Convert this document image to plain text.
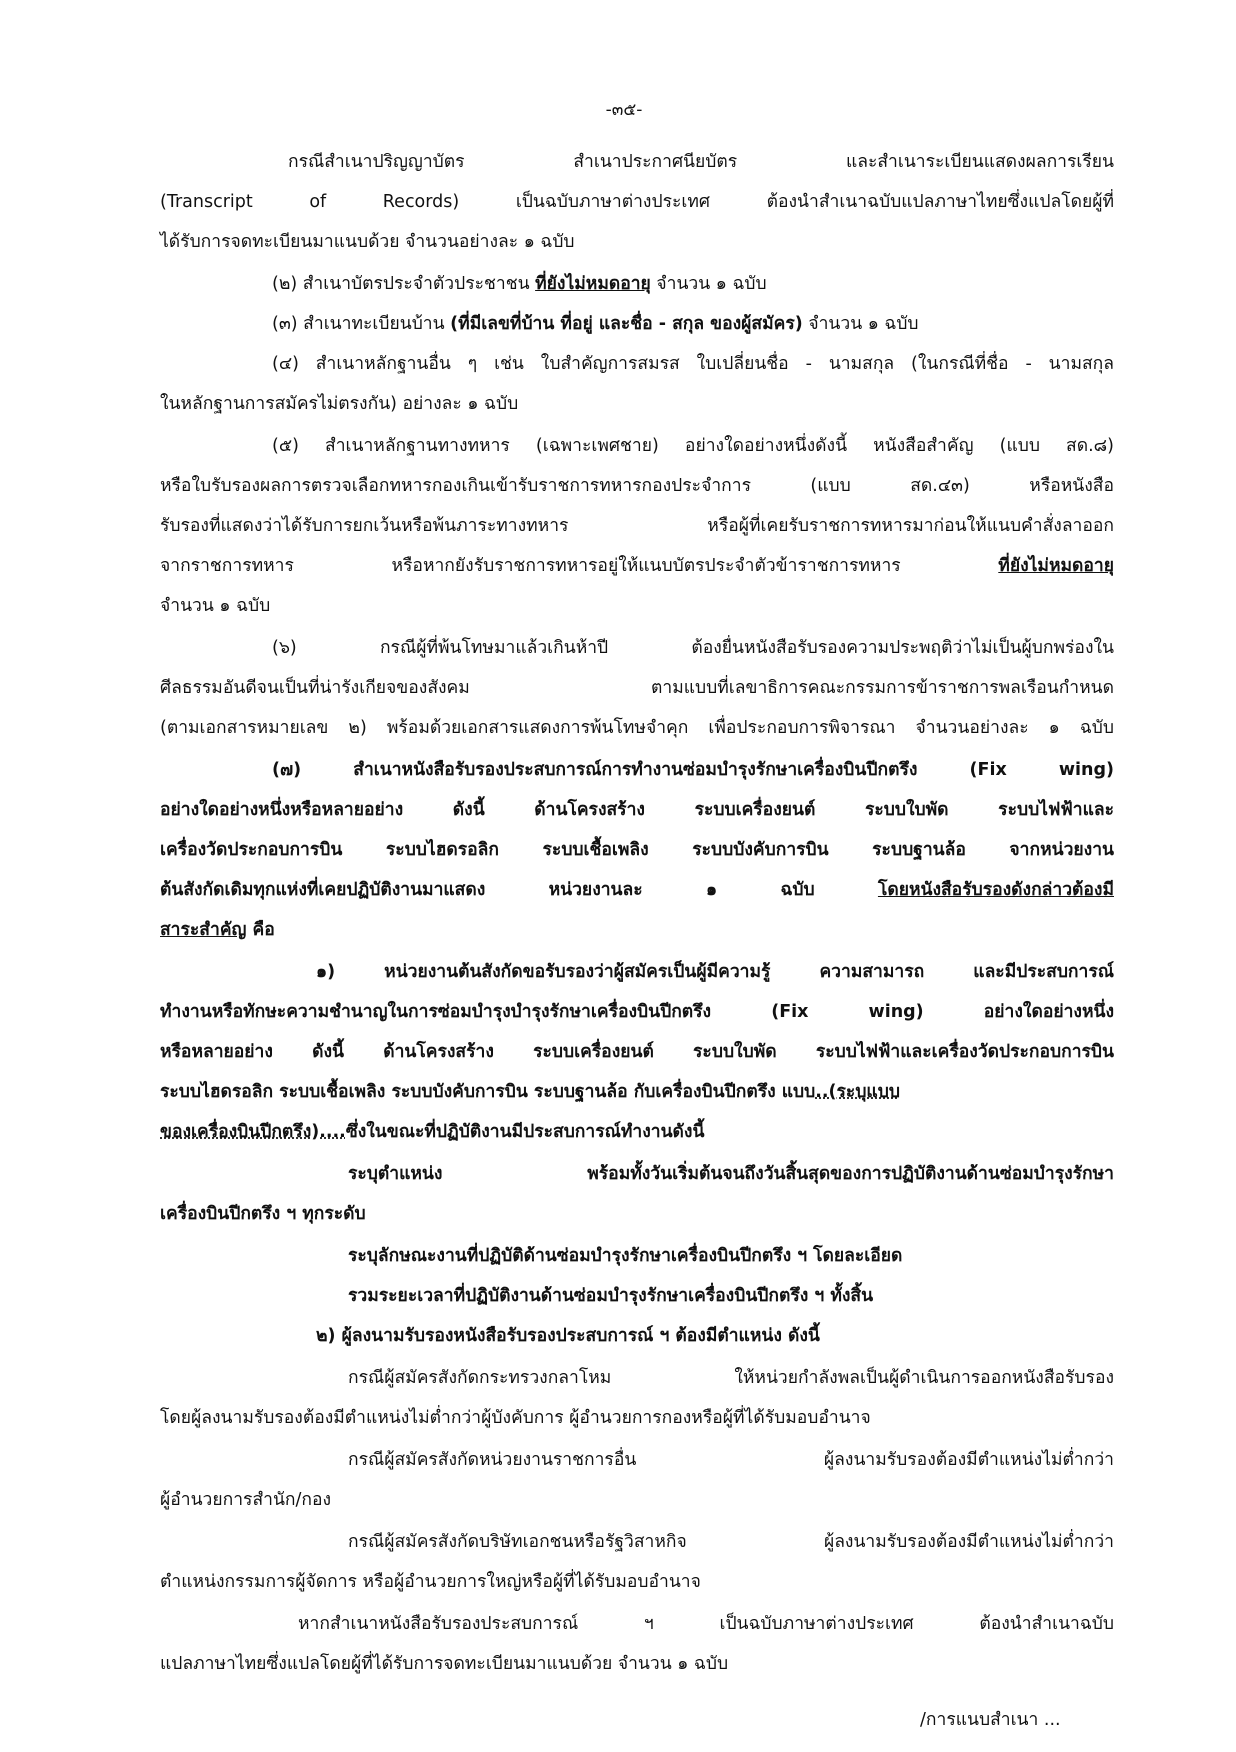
-๓๕-

กรณีสำเนาปริญญาบัตร สำเนาประกาศนียบัตร และสำเนาระเบียนแสดงผลการเรียน

(Transcript of Records) เป็นฉบับภาษาต่างประเทศ ต้องนำสำเนาฉบับแปลภาษาไทยซึ่งแปลโดยผู้ที่

ได้รับการจดทะเบียนมาแนบด้วย จำนวนอย่างละ ๑ ฉบับ

(๒) สำเนาบัตรประจำตัวประชาชน ที่ยังไม่หมดอายุ จำนวน ๑ ฉบับ

(๓) สำเนาทะเบียนบ้าน (ที่มีเลขที่บ้าน ที่อยู่ และชื่อ - สกุล ของผู้สมัคร) จำนวน ๑ ฉบับ

(๔) สำเนาหลักฐานอื่น ๆ เช่น ใบสำคัญการสมรส ใบเปลี่ยนชื่อ - นามสกุล (ในกรณีที่ชื่อ - นามสกุล

ในหลักฐานการสมัครไม่ตรงกัน) อย่างละ ๑ ฉบับ

(๕) สำเนาหลักฐานทางทหาร (เฉพาะเพศชาย) อย่างใดอย่างหนึ่งดังนี้ หนังสือสำคัญ (แบบ สด.๘)

หรือใบรับรองผลการตรวจเลือกทหารกองเกินเข้ารับราชการทหารกองประจำการ (แบบ สด.๔๓) หรือหนังสือ

รับรองที่แสดงว่าได้รับการยกเว้นหรือพ้นภาระทางทหาร หรือผู้ที่เคยรับราชการทหารมาก่อนให้แนบคำสั่งลาออก

จากราชการทหาร หรือหากยังรับราชการทหารอยู่ให้แนบบัตรประจำตัวข้าราชการทหาร ที่ยังไม่หมดอายุ

จำนวน ๑ ฉบับ

(๖) กรณีผู้ที่พ้นโทษมาแล้วเกินห้าปี ต้องยื่นหนังสือรับรองความประพฤติว่าไม่เป็นผู้บกพร่องใน

ศีลธรรมอันดีจนเป็นที่น่ารังเกียจของสังคม ตามแบบที่เลขาธิการคณะกรรมการข้าราชการพลเรือนกำหนด

(ตามเอกสารหมายเลข ๒) พร้อมด้วยเอกสารแสดงการพ้นโทษจำคุก เพื่อประกอบการพิจารณา จำนวนอย่างละ ๑ ฉบับ

(๗) สำเนาหนังสือรับรองประสบการณ์การทำงานซ่อมบำรุงรักษาเครื่องบินปีกตรึง (Fix wing)

อย่างใดอย่างหนึ่งหรือหลายอย่าง ดังนี้ ด้านโครงสร้าง ระบบเครื่องยนต์ ระบบใบพัด ระบบไฟฟ้าและ

เครื่องวัดประกอบการบิน ระบบไฮดรอลิก ระบบเชื้อเพลิง ระบบบังคับการบิน ระบบฐานล้อ จากหน่วยงาน

ต้นสังกัดเดิมทุกแห่งที่เคยปฏิบัติงานมาแสดง หน่วยงานละ ๑ ฉบับ โดยหนังสือรับรองดังกล่าวต้องมี

สาระสำคัญ คือ

๑) หน่วยงานต้นสังกัดขอรับรองว่าผู้สมัครเป็นผู้มีความรู้ ความสามารถ และมีประสบการณ์

ทำงานหรือทักษะความชำนาญในการซ่อมบำรุงบำรุงรักษาเครื่องบินปีกตรึง (Fix wing) อย่างใดอย่างหนึ่ง

หรือหลายอย่าง ดังนี้ ด้านโครงสร้าง ระบบเครื่องยนต์ ระบบใบพัด ระบบไฟฟ้าและเครื่องวัดประกอบการบิน

ระบบไฮดรอลิก ระบบเชื้อเพลิง ระบบบังคับการบิน ระบบฐานล้อ กับเครื่องบินปีกตรึง แบบ..(ระบุแบบ

ของเครื่องบินปีกตรึง)....ซึ่งในขณะที่ปฏิบัติงานมีประสบการณ์ทำงานดังนี้

ระบุตำแหน่ง พร้อมทั้งวันเริ่มต้นจนถึงวันสิ้นสุดของการปฏิบัติงานด้านซ่อมบำรุงรักษา

เครื่องบินปีกตรึง ฯ ทุกระดับ

ระบุลักษณะงานที่ปฏิบัติด้านซ่อมบำรุงรักษาเครื่องบินปีกตรึง ฯ โดยละเอียด

รวมระยะเวลาที่ปฏิบัติงานด้านซ่อมบำรุงรักษาเครื่องบินปีกตรึง ฯ ทั้งสิ้น

๒) ผู้ลงนามรับรองหนังสือรับรองประสบการณ์ ฯ ต้องมีตำแหน่ง ดังนี้

กรณีผู้สมัครสังกัดกระทรวงกลาโหม ให้หน่วยกำลังพลเป็นผู้ดำเนินการออกหนังสือรับรอง

โดยผู้ลงนามรับรองต้องมีตำแหน่งไม่ต่ำกว่าผู้บังคับการ ผู้อำนวยการกองหรือผู้ที่ได้รับมอบอำนาจ

กรณีผู้สมัครสังกัดหน่วยงานราชการอื่น ผู้ลงนามรับรองต้องมีตำแหน่งไม่ต่ำกว่า

ผู้อำนวยการสำนัก/กอง

กรณีผู้สมัครสังกัดบริษัทเอกชนหรือรัฐวิสาหกิจ ผู้ลงนามรับรองต้องมีตำแหน่งไม่ต่ำกว่า

ตำแหน่งกรรมการผู้จัดการ หรือผู้อำนวยการใหญ่หรือผู้ที่ได้รับมอบอำนาจ

หากสำเนาหนังสือรับรองประสบการณ์ ฯ เป็นฉบับภาษาต่างประเทศ ต้องนำสำเนาฉบับ

แปลภาษาไทยซึ่งแปลโดยผู้ที่ได้รับการจดทะเบียนมาแนบด้วย จำนวน ๑ ฉบับ

/การแนบสำเนา ...
